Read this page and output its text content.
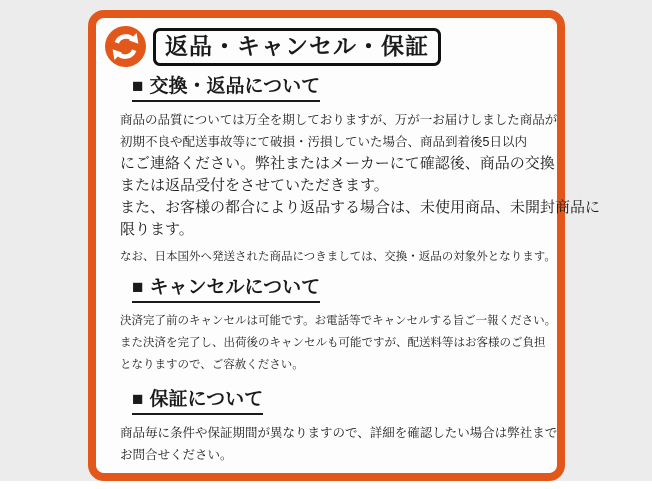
返品・キャンセル・保証
■ 交換・返品について
商品の品質については万全を期しておりますが、万が一お届けしました商品が
初期不良や配送事故等にて破損・汚損していた場合、商品到着後5日以内
にご連絡ください。弊社またはメーカーにて確認後、商品の交換
または返品受付をさせていただきます。
また、お客様の都合により返品する場合は、未使用商品、未開封商品に
限ります。
なお、日本国外へ発送された商品につきましては、交換・返品の対象外となります。
■ キャンセルについて
決済完了前のキャンセルは可能です。お電話等でキャンセルする旨ご一報ください。
また決済を完了し、出荷後のキャンセルも可能ですが、配送料等はお客様のご負担
となりますので、ご容赦ください。
■ 保証について
商品毎に条件や保証期間が異なりますので、詳細を確認したい場合は弊社まで
お問合せください。
